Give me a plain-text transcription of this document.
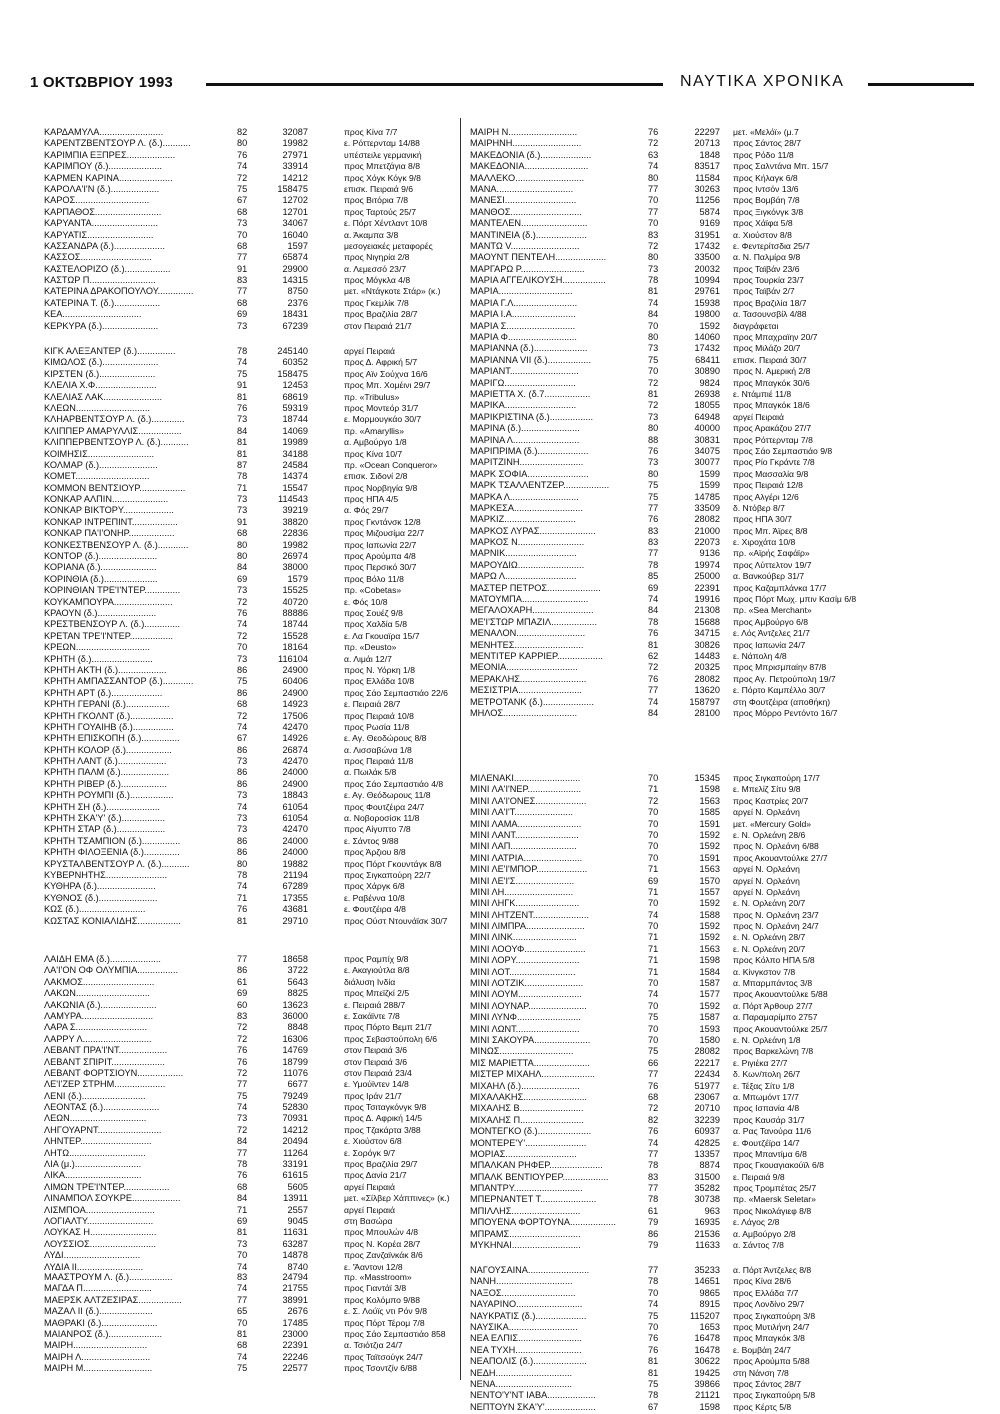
1 ΟΚΤΩΒΡΙΟΥ 1993	ΝΑΥΤΙΚΑ ΧΡΟΝΙΚΑ
ΚΑΡΔΑΜΥΛΑ.........................	82	32087	προς Κίνα 7/7
ΚΑΡΕΝΤΖΒΕΝΤΣΟΥΡ Λ. (δ.)...........	80	19982	ε. Ρόττερνταμ 14/88
ΚΑΡΙΜΠΙΑ ΕΞΠΡΕΣ...................	76	27971	υπέστειλε γερμανική
ΚΑΡΙΜΠΟΥ (δ.).....................	74	33914	προς Μπετζάγια 8/8
ΚΑΡΜΕΝ ΚΑΡΙΝΑ.....................	72	14212	προς Χόγκ Κόγκ 9/8
ΚΑΡΟΛΑ'Ι'Ν (δ.)...................	75	158475	επισκ. Πειραιά 9/6
ΚΑΡΟΣ.............................	67	12702	προς Βιτόρια 7/8
ΚΑΡΠΑΘΟΣ..........................	68	12701	προς Ταρτούς 25/7
ΚΑΡΥΑΝΤΑ..........................	73	34067	ε. Πόρτ Χέντλαντ 10/8
ΚΑΡΥΑΤΙΣ..........................	70	16040	α. Άκαμπα 3/8
ΚΑΣΣΑΝΔΡΑ (δ.)....................	68	1597	μεσογειακές μεταφορές
ΚΑΣΣΟΣ............................	77	65874	προς Νιγηρία 2/8
ΚΑΣΤΕΛΟΡΙΖΟ (δ.)..................	91	29900	α. Λεμεσσό 23/7
ΚΑΣΤΩΡ Π..........................	83	14315	προς Μόγκλα 4/8
ΚΑΤΕΡΙΝΑ ΔΡΑΚΟΠΟΥΛΟΥ..............	77	8750	μετ. «Ντάγκοτε Στάρ» (κ.)
ΚΑΤΕΡΙΝΑ Τ. (δ.)..................	68	2376	προς Γκεμλίκ 7/8
ΚΕΑ...............................	69	18431	προς Βραζιλία 28/7
ΚΕΡΚΥΡΑ (δ.)......................	73	67239	στον Πειραιά 21/7
ΚΙΓΚ ΑΛΕΞΑΝΤΕΡ (δ.)...............	78	245140	αργεί Πειραιά
ΚΙΜΩΛΟΣ (δ.)......................	74	60352	προς Δ. Αφρική 5/7
ΚΙΡΣΤΕΝ (δ.)......................	75	158475	προς Αϊν Σούχνα 16/6
ΚΛΕΛΙΑ Χ.Φ........................	91	12453	προς Μπ. Χομέινι 29/7
ΚΛΕΛΙΑΣ ΛΑΚ.......................	81	68619	πρ. «Tribulus»
ΚΛΕΩΝ.............................	76	59319	προς Μοντεόρ 31/7
ΚΛΗΑΡΒΕΝΤΣΟΥΡ Λ. (δ.).............	73	18744	ε. Μορμουγκάο 30/7
ΚΛΙΠΠΕΡ ΑΜΑΡΥΛΛΙΣ.................	84	14069	πρ. «Amaryllis»
ΚΛΙΠΠΕΡΒΕΝΤΣΟΥΡ Λ. (δ.)...........	81	19989	α. Αμβούργο 1/8
ΚΟΙΜΗΣΙΣ..........................	81	34188	προς Κίνα 10/7
ΚΟΛΜΑΡ (δ.).......................	87	24584	πρ. «Ocean Conqueror»
ΚΟΜΕΤ.............................	78	14374	επισκ. Σιδονί 2/8
ΚΟΜΜΟΝ ΒΕΝΤΣΙΟΥΡ..................	71	15547	προς Νορβηγία 9/8
ΚΟΝΚΑΡ ΑΛΠΙΝ......................	73	114543	προς ΗΠΑ 4/5
ΚΟΝΚΑΡ ΒΙΚΤΟΡΥ....................	73	39219	α. Φός 29/7
ΚΟΝΚΑΡ ΙΝΤΡΕΠΙΝΤ..................	91	38820	προς Γκντάνσκ 12/8
ΚΟΝΚΑΡ ΠΑ'Ι'ΟΝΗΡ..................	68	22836	προς Μιζουσίμα 22/7
ΚΟΝΚΕΣΤΒΕΝΣΟΥΡ Λ. (δ.)............	80	19982	προς Ιαπωνία 22/7
ΚΟΝΤΟΡ (δ.).......................	80	26974	προς Αρούμπα 4/8
ΚΟΡΙΑΝΑ (δ.)......................	84	38000	προς Περσικό 30/7
ΚΟΡΙΝΘΙΑ (δ.).....................	69	1579	προς Βόλο 11/8
ΚΟΡΙΝΘΙΑΝ ΤΡΕ'Ι'ΝΤΕΡ..............	73	15525	πρ. «Cobetas»
ΚΟΥΚΑΜΠΟΥΡΑ.......................	72	40720	ε. Φός 10/8
ΚΡΑΟΥΝ (δ.).......................	76	88886	προς Σουέζ 9/8
ΚΡΕΣΤΒΕΝΣΟΥΡ Λ. (δ.)..............	74	18744	προς Χαλδία 5/8
ΚΡΕΤΑΝ ΤΡΕ'Ι'ΝΤΕΡ.................	72	15528	ε. Λα Γκουαϊρα 15/7
ΚΡΕΩΝ.............................	70	18164	πρ. «Deusto»
ΚΡΗΤΗ (δ.)........................	73	116104	α. Λιμάι 12/7
ΚΡΗΤΗ ΑΚΤΗ (δ.)...................	86	24900	προς Ν. Υόρκη 1/8
ΚΡΗΤΗ ΑΜΠΑΣΣΑΝΤΟΡ (δ.)............	75	60406	προς Ελλάδα 10/8
ΚΡΗΤΗ ΑΡΤ (δ.)....................	86	24900	προς Σάο Σεμπαστιάο 22/6
ΚΡΗΤΗ ΓΕΡΑΝΙ (δ.).................	68	14923	ε. Πειραιά 28/7
ΚΡΗΤΗ ΓΚΟΛΝΤ (δ.).................	72	17506	προς Πειραιά 10/8
ΚΡΗΤΗ ΓΟΥΑΙΗΒ (δ.)................	74	42470	προς Ρωσία 11/8
ΚΡΗΤΗ ΕΠΙΣΚΟΠΗ (δ.)...............	67	14926	ε. Αγ. Θεοδώρους 8/8
ΚΡΗΤΗ ΚΟΛΟΡ (δ.)..................	86	26874	α. Λισσαβώνα 1/8
ΚΡΗΤΗ ΛΑΝΤ (δ.)...................	73	42470	προς Πειραιά 11/8
ΚΡΗΤΗ ΠΑΛΜ (δ.)...................	86	24000	α. Πωιλάκ 5/8
ΚΡΗΤΗ ΡΙΒΕΡ (δ.)..................	86	24900	προς Σάο Σεμπαστιάο 4/8
ΚΡΗΤΗ ΡΟΥΜΠΙ (δ.).................	73	18843	ε. Αγ. Θεόδωρους 11/8
ΚΡΗΤΗ ΣΗ (δ.).....................	74	61054	προς Φουτζέιρα 24/7
ΚΡΗΤΗ ΣΚΑ'Υ' (δ.).................	73	61054	α. Νοβοροσίσκ 11/8
ΚΡΗΤΗ ΣΤΑΡ (δ.)...................	73	42470	προς Αίγυπτο 7/8
ΚΡΗΤΗ ΤΣΑΜΠΙΟΝ (δ.)...............	86	24000	ε. Σάντος 9/88
ΚΡΗΤΗ ΦΙΛΟΞΕΝΙΑ (δ.)..............	86	24000	προς Άρζιου 8/8
ΚΡΥΣΤΑΛΒΕΝΤΣΟΥΡ Λ. (δ.)...........	80	19882	προς Πόρτ Γκουντάγκ 8/8
ΚΥΒΕΡΝΗΤΗΣ........................	78	21194	προς Σιγκαπούρη 22/7
ΚΥΘΗΡΑ (δ.).......................	74	67289	προς Χάργκ 6/8
ΚΥΘΝΟΣ (δ.).......................	71	17355	ε. Ραβέννα 10/8
ΚΩΣ (δ.)..........................	76	43681	ε. Φουτζέιρα 4/8
ΚΩΣΤΑΣ ΚΟΝΙΑΛΙΔΗΣ.................	81	29710	προς Ούστ Ντουνάϊσκ 30/7
ΛΑΙΔΗ ΕΜΑ (δ.)....................	77	18658	προς Ραμπίχ 9/8
ΛΑ'Ι'ΟΝ ΟΦ ΟΛΥΜΠΙΑ................	86	3722	ε. Ακαγιούτλα 8/8
ΛΑΚΜΟΣ............................	61	5643	διάλυση Ινδία
ΛΑΚΩΝ.............................	69	8825	προς Μπεϊζκί 2/5
ΛΑΚΩΝΙΑ (δ.)......................	60	13623	ε. Πειραιά 288/7
ΛΑΜΥΡΑ............................	83	36000	ε. Σακάϊντε 7/8
ΛΑΡΑ Σ............................	72	8848	προς Πόρτο Βεμπ 21/7
ΛΑΡΡΥ Λ...........................	72	16306	προς Σεβαστούπολη 6/6
ΛΕΒΑΝΤ ΠΡΑ'Ι'ΝΤ...................	76	14769	στον Πειραιά 3/6
ΛΕΒΑΝΤ ΣΠΙΡΙΤ.....................	76	18799	στον Πειραιά 3/6
ΛΕΒΑΝΤ ΦΟΡΤΣΙΟΥΝ..................	72	11076	στον Πειραιά 23/4
ΛΕ'Ι'ΖΕΡ ΣΤΡΗΜ....................	77	6677	ε. Υμούϊντεν 14/8
ΛΕΝΙ (δ.).........................	75	79249	προς Ιράν 21/7
ΛΕΟΝΤΑΣ (δ.)......................	74	52830	προς Τσιταγκόνγκ 9/8
ΛΕΩΝ..............................	73	70931	προς Δ. Αφρική 14/5
ΛΗΓΟΥΑΡΝΤ.........................	72	14212	προς Τζακάρτα 3/88
ΛΗΝΤΕΡ............................	84	20494	ε. Χιούστον 6/8
ΛΗΤΩ..............................	77	11264	ε. Σορόγκ 9/7
ΛΙΑ (μ.)..........................	78	33191	προς Βραζιλία 29/7
ΛΙΚΑ..............................	76	61615	προς Δανία 21/7
ΛΙΜΩΝ ΤΡΕ'Ι'ΝΤΕΡ..................	68	5605	αργεί Πειραιά
ΛΙΝΑΜΠΟΛ ΣΟΥΚΡΕ...................	84	13911	μετ. «Σίλβερ Χάππινες» (κ.)
ΛΙΣΜΠΟΑ...........................	71	2557	αργεί Πειραιά
ΛΟΓΙΑΛΤΥ..........................	69	9045	στη Βασώρα
ΛΟΥΚΑΣ Η..........................	81	11631	προς Μπουλών 4/8
ΛΟΥΣΣΙΟΣ..........................	73	63287	προς Ν. Κορέα 28/7
ΛΥΔΙ..............................	70	14878	προς Ζανζαϊνκάκ 8/6
ΛΥΔΙΑ ΙΙ..........................	74	8740	ε. 'Άαντονι 12/8
ΜΑΑΣΤΡΟΥΜ Λ. (δ.).................	83	24794	πρ. «Masstroom»
ΜΑΓΔΑ Π...........................	74	21755	προς Γιαντάϊ 3/8
ΜΑΕΡΣΚ ΑΛΤΖΕΣΙΡΑΣ.................	77	38991	προς Κολόμπο 9/88
ΜΑΖΑΛ ΙΙ (δ.).....................	65	2676	ε. Σ. Λούϊς ντι Ρόν 9/8
ΜΑΘΡΑΚΙ (δ.)......................	70	17485	προς Πόρτ Τέρομ 7/8
ΜΑΙΑΝΡΟΣ (δ.).....................	81	23000	προς Σάο Σεμπαστιάο 858
ΜΑΙΡΗ.............................	68	22391	α. Τσιότζια 24/7
ΜΑΙΡΗ Λ...........................	74	22246	προς Ταϊτσούγκ 24/7
ΜΑΙΡΗ Μ...........................	75	22577	προς Τσοντζίν 6/88
ΜΑΙΡΗ Ν...........................	76	22297 μετ. «Μελόϊ» (μ.7
ΜΑΙΡΗΝΗ...........................	72	20713 προς Σάντος 28/7
ΜΑΚΕΔΟΝΙΑ (δ.)....................	63	1848 προς Ρόδο 11/8
ΜΑΚΕΔΟΝΙΑ.........................	74	83517 προς Σαλντάνα Μπ. 15/7
ΜΑΛΛΕΚΟ...........................	80	11584 προς Κήλαγκ 6/8
ΜΑΝΑ..............................	77	30263 προς Ιντσόν 13/6
ΜΑΝΕΣΙ............................	70	11256 προς Βομβάη 7/8
ΜΑΝΘΟΣ............................	77	5874 προς Ξιγκόνγκ 3/8
ΜΑΝΤΕΛΕΝ..........................	70	9169 προς Χάϊφα 5/8
ΜΑΝΤΙΝΕΙΑ (δ.)....................	83	31951 α. Χιούστον 8/8
ΜΑΝΤΩ V...........................	72	17432 ε. Φεντερίτσδια 25/7
ΜΑΟΥΝΤ ΠΕΝΤΕΛΗ....................	80	33500 α. Ν. Παλμίρα 9/8
ΜΑΡΓΑΡΩ Ρ.........................	73	20032 προς Ταϊβάν 23/6
ΜΑΡΙΑ ΑΓΓΕΛΙΚΟΥΣΗ.................	78	10994 προς Τουρκία 23/7
ΜΑΡΙΑ.............................	81	29761 προς Ταϊβάν 2/7
ΜΑΡΙΑ Γ.Λ.........................	74	15938 προς Βραζιλία 18/7
ΜΑΡΙΑ Ι.Α.........................	84	19800 α. Τασουνσβίλ 4/88
ΜΑΡΙΑ Σ...........................	70	1592 διαγράφεται
ΜΑΡΙΑ Φ...........................	80	14060 προς Μπαχραϊην 20/7
ΜΑΡΙΑΝΝΑ (δ.).....................	73	17432 προς Μιλάζο 20/7
ΜΑΡΙΑΝΝΑ VII (δ.).................	75	68411 επισκ. Πειραιά 30/7
ΜΑΡΙΑΝΤ...........................	70	30890 προς Ν. Αμερική 2/8
ΜΑΡΙΓΩ............................	72	9824 προς Μπαγκόκ 30/6
ΜΑΡΙΕΤΤΑ Χ. (δ.7..................	81	26938 ε. Ντάμπιέ 11/8
ΜΑΡΙΚΑ............................	72	18055 προς Μπαγκόκ 18/6
ΜΑΡΙΚΡΙΣΤΙΝΑ (δ.).................	73	64948 αργεί Πειραιά
ΜΑΡΙΝΑ (δ.).......................	80	40000 προς Αρακάζου 27/7
ΜΑΡΙΝΑ Λ..........................	88	30831 προς Ρόττερνταμ 7/8
ΜΑΡΙΠΡΙΜΑ (δ.)....................	76	34075 προς Σάο Σεμπαστιάο 9/8
ΜΑΡΙΤΖΙΝΗ.........................	73	30077 προς Ρίο Γκράντε 7/8
ΜΑΡΚ ΣΟΦΙΑ........................	80	1599 προς Μασσαλία 9/8
ΜΑΡΚ ΤΣΑΛΛΕΝΤΖΕΡ..................	75	1599 προς Πειραιά 12/8
ΜΑΡΚΑ Λ...........................	75	14785 προς Αλγέρι 12/6
ΜΑΡΚΕΣΑ...........................	77	33509 δ. Ντόβερ 8/7
ΜΑΡΚΙΖ............................	76	28082 προς ΗΠΑ 30/7
ΜΑΡΚΟΣ ΛΥΡΑΣ......................	83	21000 προς Μπ. Άϊρες 8/8
ΜΑΡΚΟΣ Ν..........................	83	22073 ε. Χιροχάτα 10/8
ΜΑΡΝΙΚ............................	77	9136 πρ. «Αϊρής Σαφάϊρ»
ΜΑΡΟΥΔΙΩ..........................	78	19974 προς Λύττελτον 19/7
ΜΑΡΩ Λ............................	85	25000 α. Βανκούβερ 31/7
ΜΑΣΤΕΡ ΠΕΤΡΟΣ.....................	69	22391 προς Καζαμπλάνκα 17/7
ΜΑΤΟΥΜΠΑ..........................	74	19916 προς Πόρτ Μωχ. μπιν Κασίμ 6/8
ΜΕΓΑΛΟΧΑΡΗ........................	84	21308 πρ. «Sea Merchant»
ΜΕ'Ι'ΣΤΩΡ ΜΠΑΖΙΛ..................	78	15688 προς Αμβούργο 6/8
ΜΕΝΑΛΟΝ...........................	76	34715 ε. Λός Άντζελες 21/7
ΜΕΝΗΤΕΣ...........................	81	30826 προς Ιαπωνία 24/7
ΜΕΝΤΙΤΕΡ ΚΑΡΡΙΕΡ..................	62	14483 ε. Νάπολη 4/8
ΜΕΟΝΙΑ............................	72	20325 προς Μπρισμπαίην 87/8
ΜΕΡΑΚΛΗΣ..........................	76	28082 προς Αγ. Πετρούπολη 19/7
ΜΕΣΙΣΤΡΙΑ.........................	77	13620 ε. Πόρτο Καμπέλλο 30/7
ΜΕΤΡΟΤΑΝΚ (δ.)....................	74	158797 στη Φουτζέιρα (αποθήκη)
ΜΗΛΟΣ.............................	84	28100 προς Μόρρο Ρεντόντο 16/7
ΜΙΛΕΝΑΚΙ..........................	70	15345 προς Σιγκαπούρη 17/7
ΜΙΝΙ ΛΑ'Ι'ΝΕΡ.....................	71	1598 ε. Μπελίζ Σίτυ 9/8
ΜΙΝΙ ΛΑ'Ι'ΟΝΕΣ....................	72	1563 προς Καστρίες 20/7
ΜΙΝΙ ΛΑ'Ι'Τ.......................	70	1585 αργεί Ν. Ορλεάνη
ΜΙΝΙ ΛΑΜΑ.........................	70	1591 μετ. «Mercury Gold»
ΜΙΝΙ ΛΑΝΤ.........................	70	1592 ε. Ν. Ορλεάνη 28/6
ΜΙΝΙ ΛΑΠ..........................	70	1592 προς Ν. Ορλεάνη 6/88
ΜΙΝΙ ΛΑΤΡΙΑ.......................	70	1591 προς Ακουαντούλκε 27/7
ΜΙΝΙ ΛΕ'Ι'ΜΠΟΡ....................	71	1563 αργεί Ν. Ορλεάνη
ΜΙΝΙ ΛΕ'Ι'Σ.......................	69	1570 αργεί Ν. Ορλεάνη
ΜΙΝΙ ΛΗ...........................	71	1557 αργεί Ν. Ορλεάνη
ΜΙΝΙ ΛΗΓΚ.........................	70	1592 ε. Ν. Ορλεάνη 20/7
ΜΙΝΙ ΛΗΤΖΕΝΤ......................	74	1588 προς Ν. Ορλεάνη 23/7
ΜΙΝΙ ΛΙΜΠΡΑ.......................	70	1592 προς Ν. Ορλεάνη 24/7
ΜΙΝΙ ΛΙΝΚ.........................	71	1592 ε. Ν. Ορλεάνη 28/7
ΜΙΝΙ ΛΟΟΥΦ........................	71	1563 ε. Ν. Ορλεάνη 20/7
ΜΙΝΙ ΛΟΡΥ.........................	71	1598 προς Κόλπο ΗΠΑ 5/8
ΜΙΝΙ ΛΟΤ..........................	71	1584 α. Κίνγκστον 7/8
ΜΙΝΙ ΛΟΤΖΙΚ.......................	70	1587 α. Μπαρμπάντος 3/8
ΜΙΝΙ ΛΟΥΜ.........................	74	1577 προς Ακουαντούλκε 5/88
ΜΙΝΙ ΛΟΥΝΑΡ.......................	70	1592 α. Πόρτ Άρθουρ 27/7
ΜΙΝΙ ΛΥΝΦ.........................	75	1587 α. Παραμαρίμπο 2757
ΜΙΝΙ ΛΩΝΤ.........................	70	1593 προς Ακουαντούλκε 25/7
ΜΙΝΙ ΣΑΚΟΥΡΑ......................	70	1580 ε. Ν. Ορλεάνη 1/8
ΜΙΝΩΣ.............................	75	28082 προς Βαρκελώνη 7/8
ΜΙΣ ΜΑΡΙΕΤΤΑ......................	66	22217 ε. Ριγιέκα 27/7
ΜΙΣΤΕΡ ΜΙΧΑΗΛ.....................	77	22434 δ. Κων/πολη 26/7
ΜΙΧΑΗΛ (δ.).......................	76	51977 ε. Τέξας Σίτυ 1/8
ΜΙΧΑΛΑΚΗΣ.........................	68	23067 α. Μπωμόντ 17/7
ΜΙΧΑΛΗΣ Β.........................	72	20710 προς Ισπανία 4/8
ΜΙΧΑΛΗΣ Π.........................	82	32239 προς Καυσάρ 31/7
ΜΟΝΤΕΓΚΟ (δ.).....................	76	60937 α. Ρας Τανούρα 11/6
ΜΟΝΤΕΡΕ'Υ'........................	74	42825 ε. Φουτζέϊρα 14/7
ΜΟΡΙΑΣ............................	77	13357 προς Μπαντίμα 6/8
ΜΠΑΛΚΑΝ ΡΗΦΕΡ.....................	78	8874 προς Γκουαγιακούϊλ 6/8
ΜΠΑΛΚ ΒΕΝΤΙΟΥΡΕΡ..................	83	31500 ε. Πειραιά 9/8
ΜΠΑΝΤΡΥ...........................	77	35282 προς Τρομπέτας 25/7
ΜΠΕΡΝΑΝΤΕΤ Τ......................	78	30738 πρ. «Maersk Seletar»
ΜΠΙΛΛΗΣ...........................	61	963 προς Νικολάγιεφ 8/8
ΜΠΟΥΕΝΑ ΦΟΡΤΟΥΝΑ..................	79	16935 ε. Λάγος 2/8
ΜΠΡΑΜΣ............................	86	21536 α. Αμβούργο 2/8
ΜΥΚΗΝΑΙ...........................	79	11633 α. Σάντος 7/8
ΝΑΓΟΥΣΑΙΝΑ........................	77	35233 α. Πόρτ Άντζελες 8/8
ΝΑΝΗ..............................	78	14651 προς Κίνα 28/6
ΝΑΞΟΣ.............................	70	9865 προς Ελλάδα 7/7
ΝΑΥΑΡΙΝΟ..........................	74	8915 προς Λονδίνο 29/7
ΝΑΥΚΡΑΤΙΣ (δ.)....................	75	115207 προς Σιγκαπούρη 3/8
ΝΑΥΣΙΚΑ...........................	70	1653 προς Μυτιλήνη 24/7
ΝΕΑ ΕΛΠΙΣ.........................	76	16478 προς Μπαγκόκ 3/8
ΝΕΑ ΤΥΧΗ..........................	76	16478 ε. Βομβάη 24/7
ΝΕΑΠΟΛΙΣ (δ.).....................	81	30622 προς Αρούμπα 5/88
ΝΕΔΗ..............................	81	19425 στη Νάνση 7/8
ΝΕΝΑ..............................	75	39866 προς Σάντος 28/7
ΝΕΝΤΟ'Υ'ΝΤ ΙΑΒΑ...................	78	21121 προς Σιγκαπούρη 5/8
ΝΕΠΤΟΥΝ ΣΚΑ'Υ'....................	67	1598 προς Κέρτς 5/8
